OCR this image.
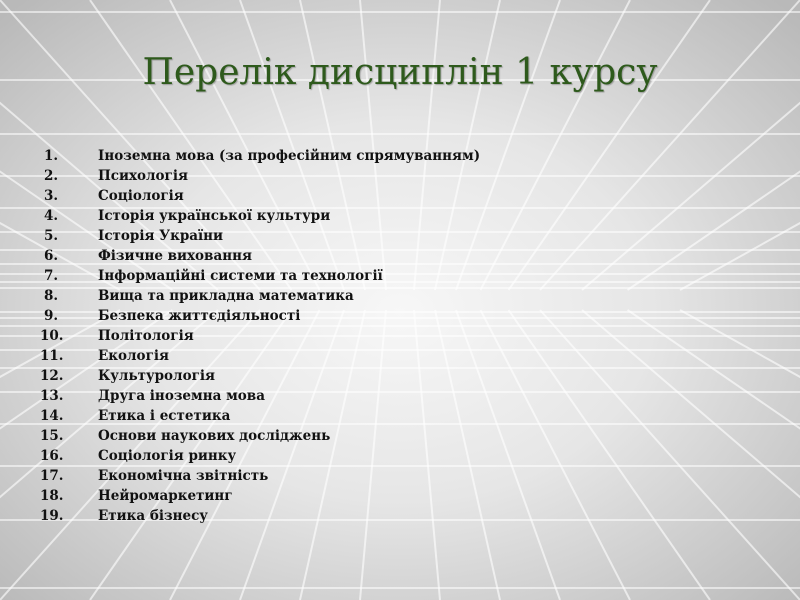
Перелік дисциплін 1 курсу
1.	Іноземна мова (за професійним спрямуванням)
2.	Психологія
3.	Соціологія
4.	Історія української культури
5.	Історія України
6.	Фізичне виховання
7.	Інформаційні системи та технології
8.	Вища та прикладна математика
9.	Безпека життєдіяльності
10.	Політологія
11.	Екологія
12.	Культурологія
13.	Друга іноземна мова
14.	Етика і естетика
15.	Основи наукових досліджень
16.	Соціологія ринку
17.	Економічна звітність
18.	Нейромаркетинг
19.	Етика бізнесу
